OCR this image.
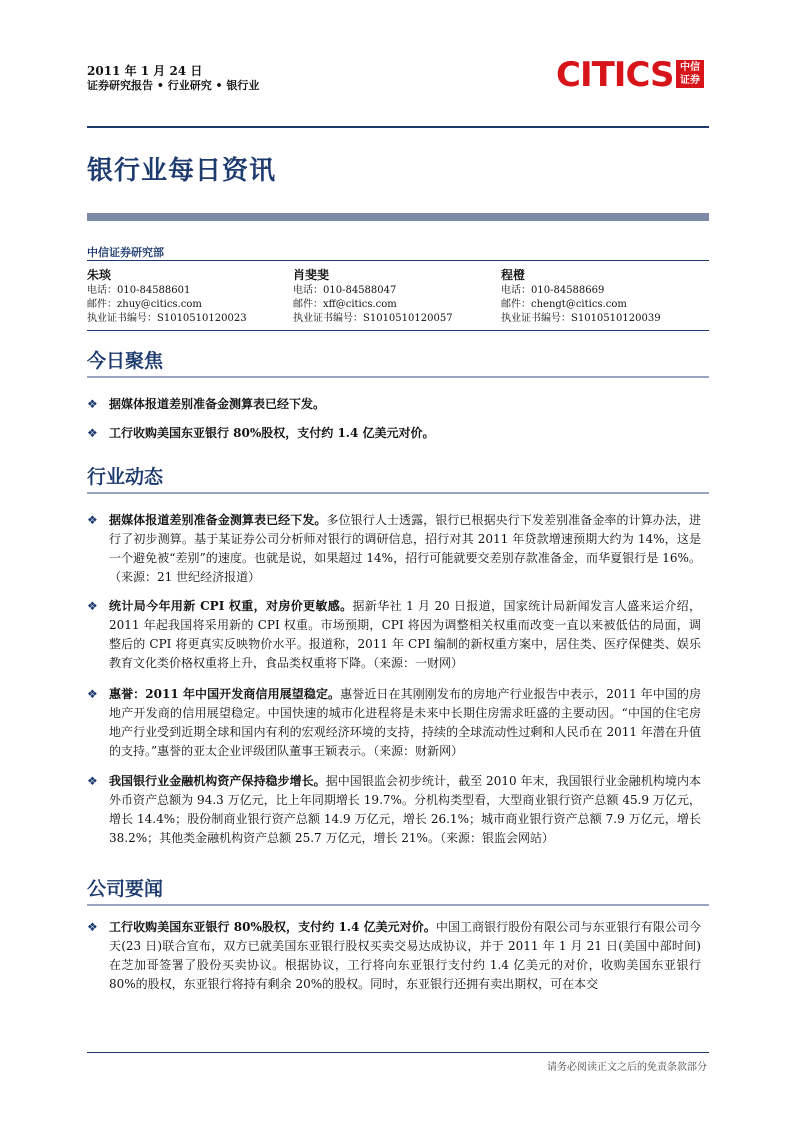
2011 年 1 月 24 日
证券研究报告 • 行业研究 • 银行业	CITICS 中信
证券
银行业每日资讯
中信证券研究部
朱琰
电话：010-84588601
邮件：zhuy@citics.com
执业证书编号：S1010510120023
肖斐斐
电话：010-84588047
邮件：xff@citics.com
执业证书编号：S1010510120057
程橙
电话：010-84588669
邮件：chengt@citics.com
执业证书编号：S1010510120039
今日聚焦
❖ 据媒体报道差别准备金测算表已经下发。
❖ 工行收购美国东亚银行 80%股权，支付约 1.4 亿美元对价。
行业动态
❖ 据媒体报道差别准备金测算表已经下发。多位银行人士透露，银行已根据央行下发差别准备金率的计算办法，进行了初步测算。基于某证券公司分析师对银行的调研信息，招行对其 2011 年贷款增速预期大约为 14%，这是一个避免被“差别”的速度。也就是说，如果超过 14%，招行可能就要交差别存款准备金，而华夏银行是 16%。（来源：21 世纪经济报道）
❖ 统计局今年用新 CPI 权重，对房价更敏感。据新华社 1 月 20 日报道，国家统计局新闻发言人盛来运介绍，2011 年起我国将采用新的 CPI 权重。市场预期，CPI 将因为调整相关权重而改变一直以来被低估的局面，调整后的 CPI 将更真实反映物价水平。报道称，2011 年 CPI 编制的新权重方案中，居住类、医疗保健类、娱乐教育文化类价格权重将上升，食品类权重将下降。（来源：一财网）
❖ 惠誉：2011 年中国开发商信用展望稳定。惠誉近日在其刚刚发布的房地产行业报告中表示，2011 年中国的房地产开发商的信用展望稳定。中国快速的城市化进程将是未来中长期住房需求旺盛的主要动因。“中国的住宅房地产行业受到近期全球和国内有利的宏观经济环境的支持，持续的全球流动性过剩和人民币在 2011 年潜在升值的支持。”惠誉的亚太企业评级团队董事王颖表示。（来源：财新网）
❖ 我国银行业金融机构资产保持稳步增长。据中国银监会初步统计，截至 2010 年末，我国银行业金融机构境内本外币资产总额为 94.3 万亿元，比上年同期增长 19.7%。分机构类型看，大型商业银行资产总额 45.9 万亿元，增长 14.4%；股份制商业银行资产总额 14.9 万亿元，增长 26.1%；城市商业银行资产总额 7.9 万亿元，增长 38.2%；其他类金融机构资产总额 25.7 万亿元，增长 21%。（来源：银监会网站）
公司要闻
❖ 工行收购美国东亚银行 80%股权，支付约 1.4 亿美元对价。中国工商银行股份有限公司与东亚银行有限公司今天(23 日)联合宣布，双方已就美国东亚银行股权买卖交易达成协议，并于 2011 年 1 月 21 日(美国中部时间)在芝加哥签署了股份买卖协议。根据协议，工行将向东亚银行支付约 1.4 亿美元的对价，收购美国东亚银行 80%的股权，东亚银行将持有剩余 20%的股权。同时，东亚银行还拥有卖出期权，可在本交
请务必阅读正文之后的免责条款部分
